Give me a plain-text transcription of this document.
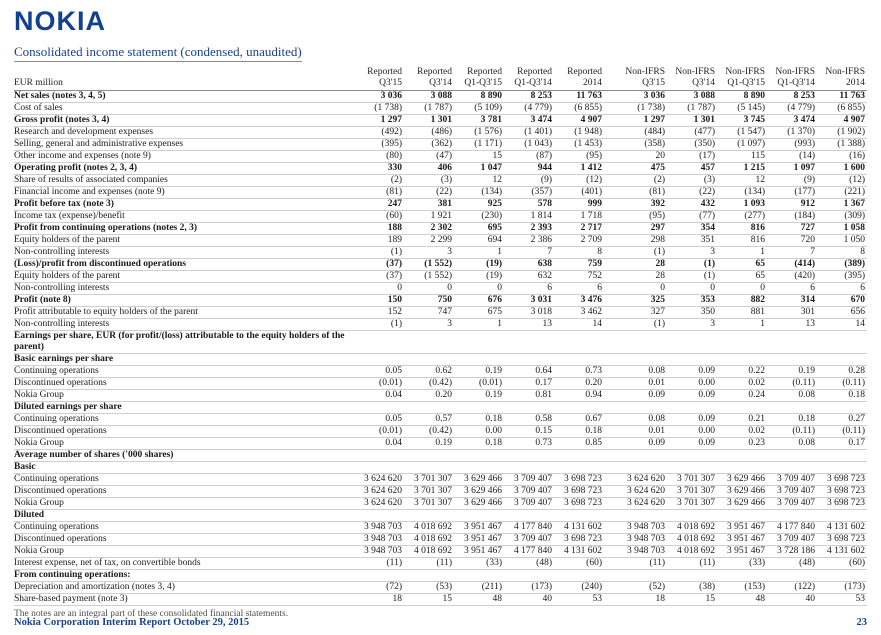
NOKIA
Consolidated income statement (condensed, unaudited)
	Reported	Reported	Reported	Reported	Reported		Non-IFRS	Non-IFRS	Non-IFRS	Non-IFRS	Non-IFRS
EUR million	Q3'15	Q3'14	Q1-Q3'15	Q1-Q3'14	2014		Q3'15	Q3'14	Q1-Q3'15	Q1-Q3'14	2014
Net sales (notes 3, 4, 5)	3 036	3 088	8 890	8 253	11 763		3 036	3 088	8 890	8 253	11 763
Cost of sales	(1 738)	(1 787)	(5 109)	(4 779)	(6 855)		(1 738)	(1 787)	(5 145)	(4 779)	(6 855)
Gross profit (notes 3, 4)	1 297	1 301	3 781	3 474	4 907		1 297	1 301	3 745	3 474	4 907
Research and development expenses	(492)	(486)	(1 576)	(1 401)	(1 948)		(484)	(477)	(1 547)	(1 370)	(1 902)
Selling, general and administrative expenses	(395)	(362)	(1 171)	(1 043)	(1 453)		(358)	(350)	(1 097)	(993)	(1 388)
Other income and expenses (note 9)	(80)	(47)	15	(87)	(95)		20	(17)	115	(14)	(16)
Operating profit (notes 2, 3, 4)	330	406	1 047	944	1 412		475	457	1 215	1 097	1 600
Share of results of associated companies	(2)	(3)	12	(9)	(12)		(2)	(3)	12	(9)	(12)
Financial income and expenses (note 9)	(81)	(22)	(134)	(357)	(401)		(81)	(22)	(134)	(177)	(221)
Profit before tax (note 3)	247	381	925	578	999		392	432	1 093	912	1 367
Income tax (expense)/benefit	(60)	1 921	(230)	1 814	1 718		(95)	(77)	(277)	(184)	(309)
Profit from continuing operations (notes 2, 3)	188	2 302	695	2 393	2 717		297	354	816	727	1 058
Equity holders of the parent	189	2 299	694	2 386	2 709		298	351	816	720	1 050
Non-controlling interests	(1)	3	1	7	8		(1)	3	1	7	8
(Loss)/profit from discontinued operations	(37)	(1 552)	(19)	638	759		28	(1)	65	(414)	(389)
Equity holders of the parent	(37)	(1 552)	(19)	632	752		28	(1)	65	(420)	(395)
Non-controlling interests	0	0	0	6	6		0	0	0	6	6
Profit (note 8)	150	750	676	3 031	3 476		325	353	882	314	670
Profit attributable to equity holders of the parent	152	747	675	3 018	3 462		327	350	881	301	656
Non-controlling interests	(1)	3	1	13	14		(1)	3	1	13	14
Earnings per share, EUR (for profit/(loss) attributable to the equity holders of the parent)											
Basic earnings per share											
Continuing operations	0.05	0.62	0.19	0.64	0.73		0.08	0.09	0.22	0.19	0.28
Discontinued operations	(0.01)	(0.42)	(0.01)	0.17	0.20		0.01	0.00	0.02	(0.11)	(0.11)
Nokia Group	0.04	0.20	0.19	0.81	0.94		0.09	0.09	0.24	0.08	0.18
Diluted earnings per share											
Continuing operations	0.05	0.57	0.18	0.58	0.67		0.08	0.09	0.21	0.18	0.27
Discontinued operations	(0.01)	(0.42)	0.00	0.15	0.18		0.01	0.00	0.02	(0.11)	(0.11)
Nokia Group	0.04	0.19	0.18	0.73	0.85		0.09	0.09	0.23	0.08	0.17
Average number of shares ('000 shares)											
Basic											
Continuing operations	3 624 620	3 701 307	3 629 466	3 709 407	3 698 723		3 624 620	3 701 307	3 629 466	3 709 407	3 698 723
Discontinued operations	3 624 620	3 701 307	3 629 466	3 709 407	3 698 723		3 624 620	3 701 307	3 629 466	3 709 407	3 698 723
Nokia Group	3 624 620	3 701 307	3 629 466	3 709 407	3 698 723		3 624 620	3 701 307	3 629 466	3 709 407	3 698 723
Diluted											
Continuing operations	3 948 703	4 018 692	3 951 467	4 177 840	4 131 602		3 948 703	4 018 692	3 951 467	4 177 840	4 131 602
Discontinued operations	3 948 703	4 018 692	3 951 467	3 709 407	3 698 723		3 948 703	4 018 692	3 951 467	3 709 407	3 698 723
Nokia Group	3 948 703	4 018 692	3 951 467	4 177 840	4 131 602		3 948 703	4 018 692	3 951 467	3 728 186	4 131 602
Interest expense, net of tax, on convertible bonds	(11)	(11)	(33)	(48)	(60)		(11)	(11)	(33)	(48)	(60)
From continuing operations:											
Depreciation and amortization (notes 3, 4)	(72)	(53)	(211)	(173)	(240)		(52)	(38)	(153)	(122)	(173)
Share-based payment (note 3)	18	15	48	40	53		18	15	48	40	53
The notes are an integral part of these consolidated financial statements.
Nokia Corporation Interim Report October 29, 2015	23
